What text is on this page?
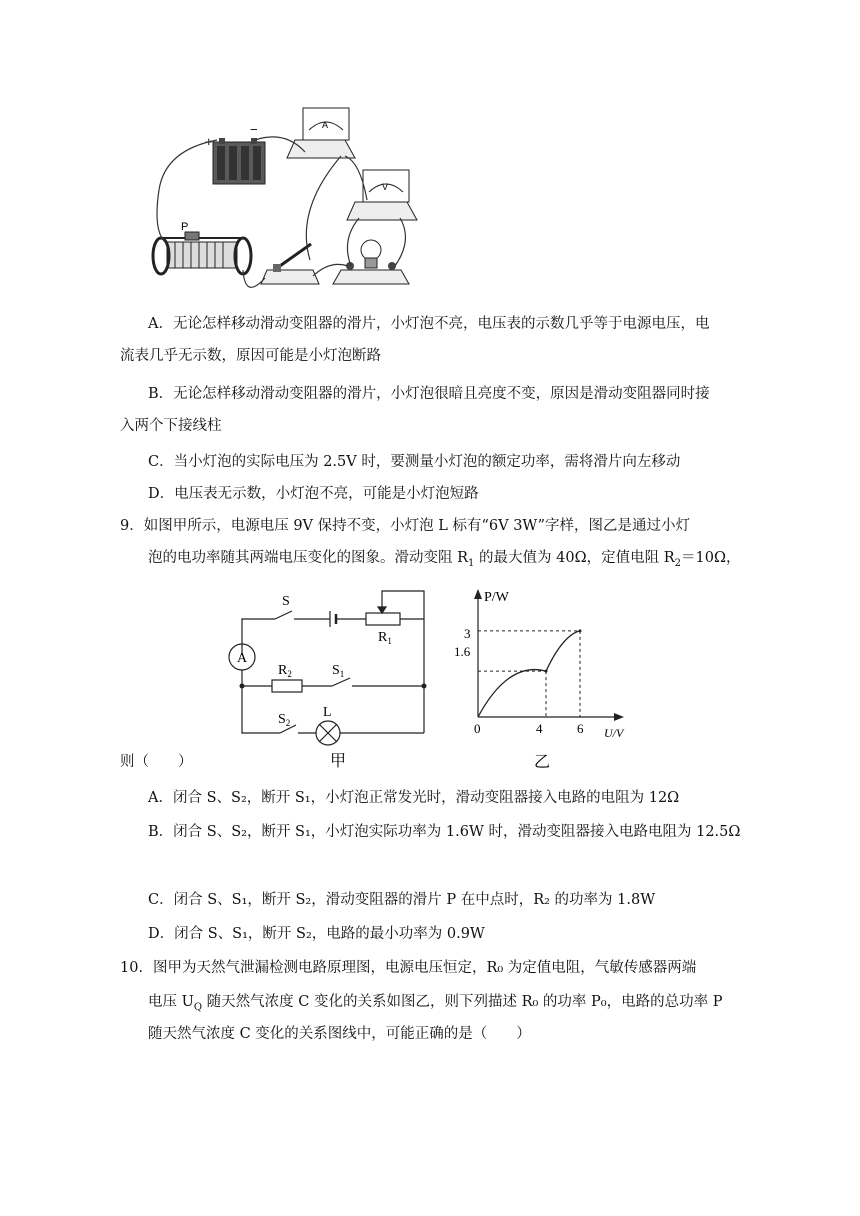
+
−	A
V
P
A．无论怎样移动滑动变阻器的滑片，小灯泡不亮，电压表的示数几乎等于电源电压，电
流表几乎无示数，原因可能是小灯泡断路
B．无论怎样移动滑动变阻器的滑片，小灯泡很暗且亮度不变，原因是滑动变阻器同时接
入两个下接线柱
C．当小灯泡的实际电压为 2.5V 时，要测量小灯泡的额定功率，需将滑片向左移动
D．电压表无示数，小灯泡不亮，可能是小灯泡短路
9．如图甲所示，电源电压 9V 保持不变，小灯泡 L 标有“6V 3W”字样，图乙是通过小灯
泡的电功率随其两端电压变化的图象。滑动变阻 $R_1$ 的最大值为 40Ω，定值电阻 $R_2=10\Omega$，
S
$R_1$
A
$R_2$	$S_1$
$S_2$
L
甲
P/W
U/V
3
1.6
0	4	6
乙
则（　　）
A．闭合 S、S₂，断开 S₁，小灯泡正常发光时，滑动变阻器接入电路的电阻为 12Ω
B．闭合 S、S₂，断开 S₁，小灯泡实际功率为 1.6W 时，滑动变阻器接入电路电阻为 12.5Ω
C．闭合 S、S₁，断开 S₂，滑动变阻器的滑片 P 在中点时，R₂ 的功率为 1.8W
D．闭合 S、S₁，断开 S₂，电路的最小功率为 0.9W
10．图甲为天然气泄漏检测电路原理图，电源电压恒定，R₀ 为定值电阻，气敏传感器两端
电压 $U_Q$ 随天然气浓度 C 变化的关系如图乙，则下列描述 R₀ 的功率 P₀，电路的总功率 P
随天然气浓度 C 变化的关系图线中，可能正确的是（　　）
